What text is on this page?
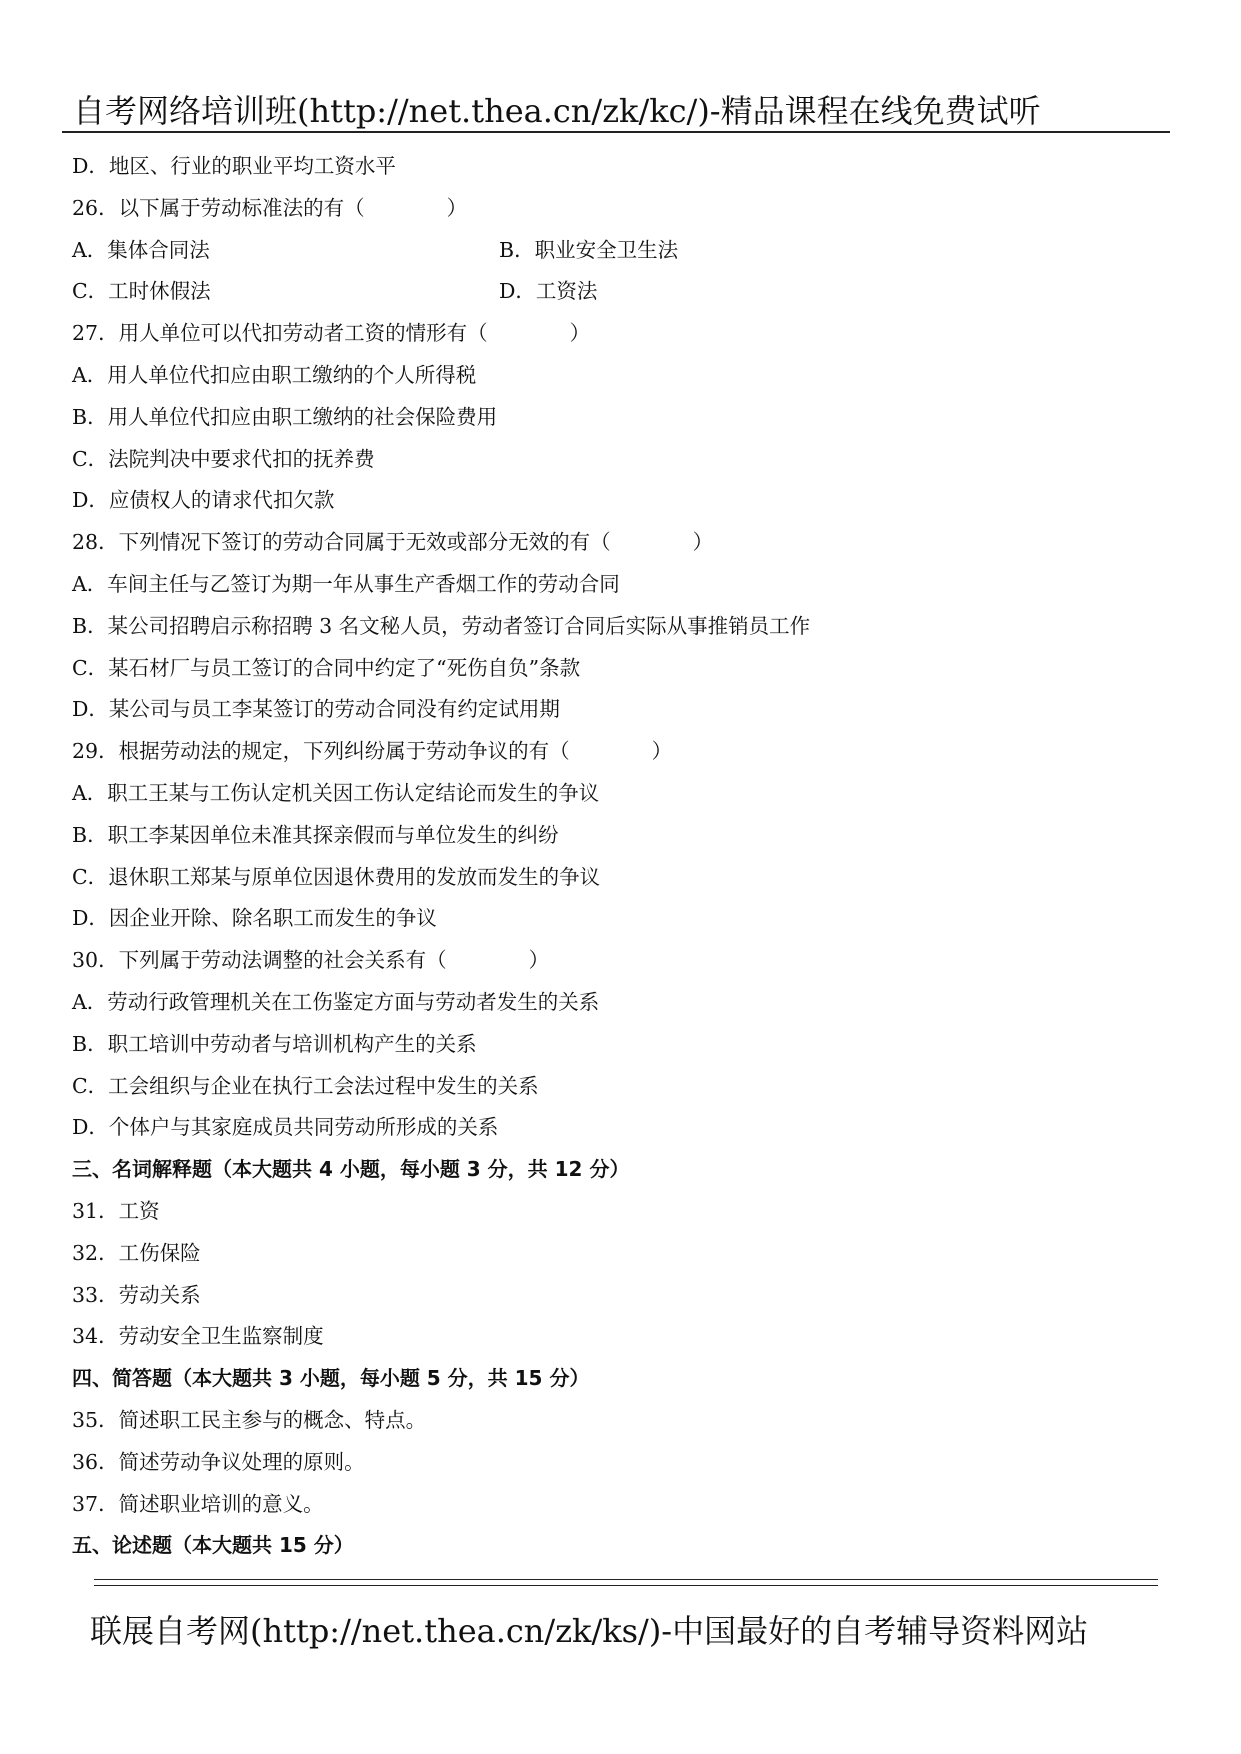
自考网络培训班(http://net.thea.cn/zk/kc/)-精品课程在线免费试听
D．地区、行业的职业平均工资水平
26．以下属于劳动标准法的有（　　　　）
A．集体合同法	B．职业安全卫生法
C．工时休假法	D．工资法
27．用人单位可以代扣劳动者工资的情形有（　　　　）
A．用人单位代扣应由职工缴纳的个人所得税
B．用人单位代扣应由职工缴纳的社会保险费用
C．法院判决中要求代扣的抚养费
D．应债权人的请求代扣欠款
28．下列情况下签订的劳动合同属于无效或部分无效的有（　　　　）
A．车间主任与乙签订为期一年从事生产香烟工作的劳动合同
B．某公司招聘启示称招聘 3 名文秘人员，劳动者签订合同后实际从事推销员工作
C．某石材厂与员工签订的合同中约定了“死伤自负”条款
D．某公司与员工李某签订的劳动合同没有约定试用期
29．根据劳动法的规定，下列纠纷属于劳动争议的有（　　　　）
A．职工王某与工伤认定机关因工伤认定结论而发生的争议
B．职工李某因单位未准其探亲假而与单位发生的纠纷
C．退休职工郑某与原单位因退休费用的发放而发生的争议
D．因企业开除、除名职工而发生的争议
30．下列属于劳动法调整的社会关系有（　　　　）
A．劳动行政管理机关在工伤鉴定方面与劳动者发生的关系
B．职工培训中劳动者与培训机构产生的关系
C．工会组织与企业在执行工会法过程中发生的关系
D．个体户与其家庭成员共同劳动所形成的关系
三、名词解释题（本大题共 4 小题，每小题 3 分，共 12 分）
31．工资
32．工伤保险
33．劳动关系
34．劳动安全卫生监察制度
四、简答题（本大题共 3 小题，每小题 5 分，共 15 分）
35．简述职工民主参与的概念、特点。
36．简述劳动争议处理的原则。
37．简述职业培训的意义。
五、论述题（本大题共 15 分）
联展自考网(http://net.thea.cn/zk/ks/)-中国最好的自考辅导资料网站
